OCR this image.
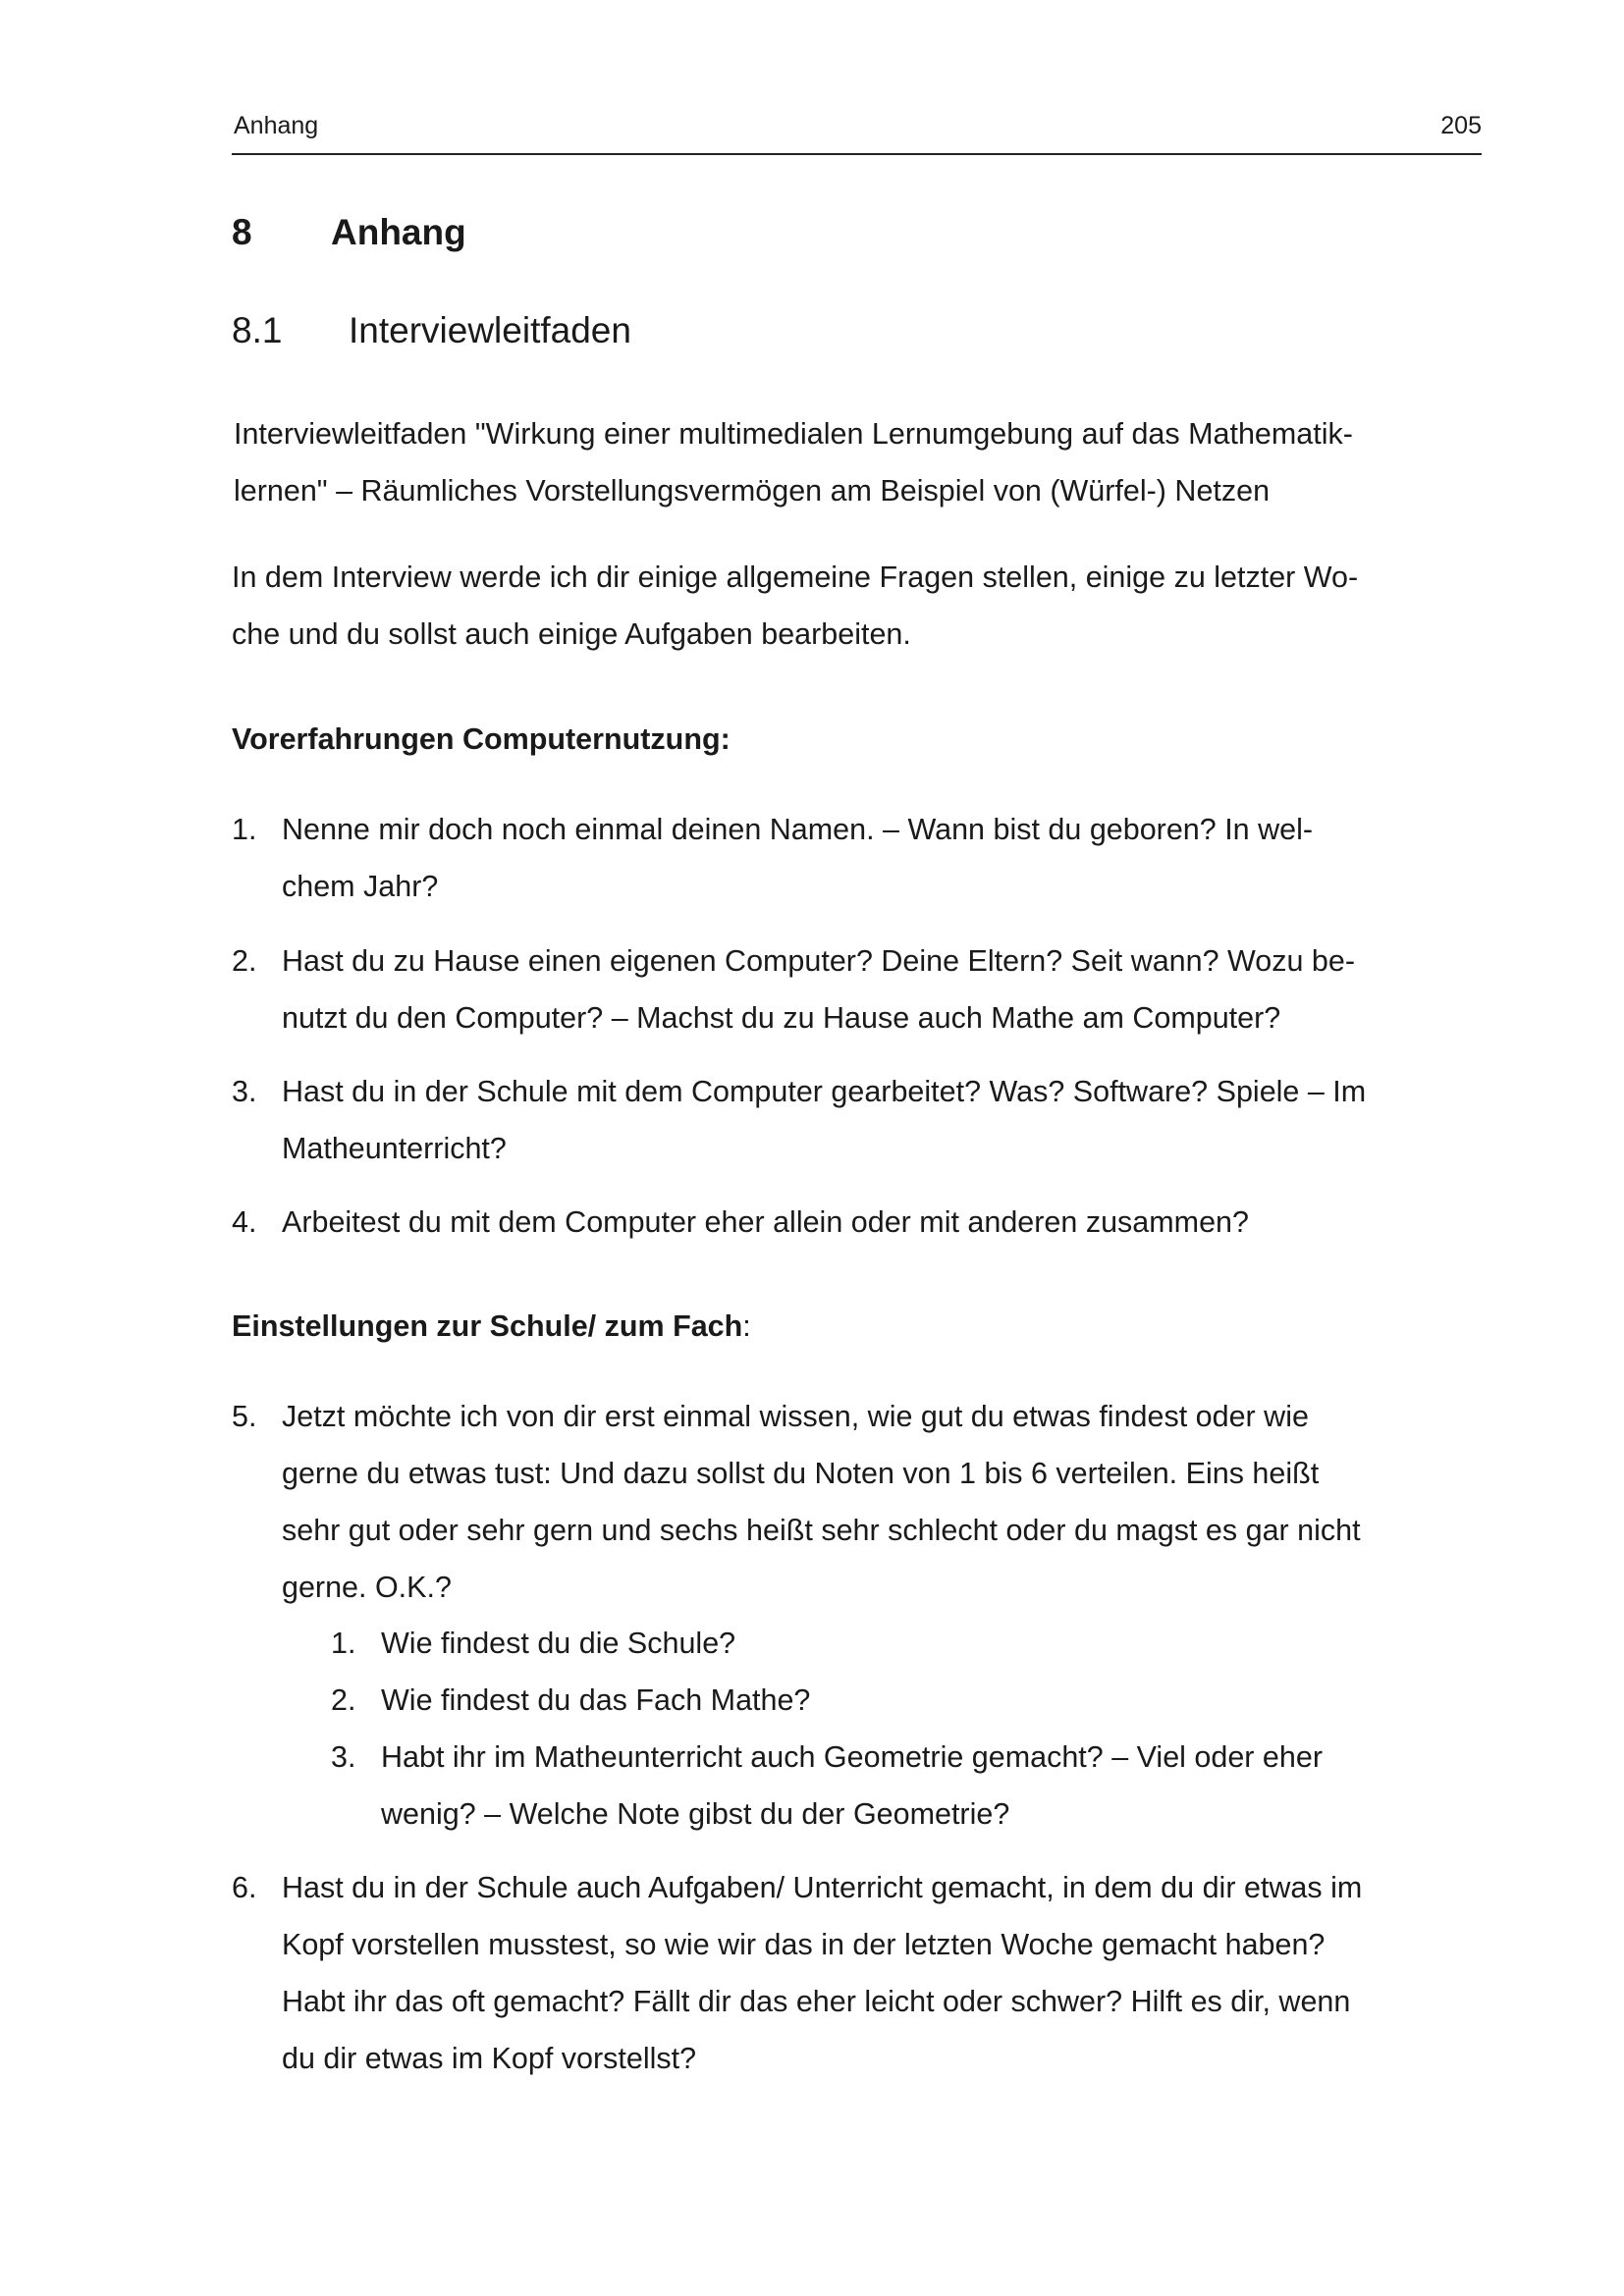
Anhang	205
8 Anhang
8.1 Interviewleitfaden
Interviewleitfaden "Wirkung einer multimedialen Lernumgebung auf das Mathematik-
lernen" – Räumliches Vorstellungsvermögen am Beispiel von (Würfel-) Netzen
In dem Interview werde ich dir einige allgemeine Fragen stellen, einige zu letzter Wo-
che und du sollst auch einige Aufgaben bearbeiten.
Vorerfahrungen Computernutzung:
1. Nenne mir doch noch einmal deinen Namen. – Wann bist du geboren? In wel-
chem Jahr?
2. Hast du zu Hause einen eigenen Computer? Deine Eltern? Seit wann? Wozu be-
nutzt du den Computer? – Machst du zu Hause auch Mathe am Computer?
3. Hast du in der Schule mit dem Computer gearbeitet? Was? Software? Spiele – Im
Matheunterricht?
4. Arbeitest du mit dem Computer eher allein oder mit anderen zusammen?
Einstellungen zur Schule/ zum Fach:
5. Jetzt möchte ich von dir erst einmal wissen, wie gut du etwas findest oder wie
gerne du etwas tust: Und dazu sollst du Noten von 1 bis 6 verteilen. Eins heißt
sehr gut oder sehr gern und sechs heißt sehr schlecht oder du magst es gar nicht
gerne. O.K.?
1. Wie findest du die Schule?
2. Wie findest du das Fach Mathe?
3. Habt ihr im Matheunterricht auch Geometrie gemacht? – Viel oder eher
wenig? – Welche Note gibst du der Geometrie?
6. Hast du in der Schule auch Aufgaben/ Unterricht gemacht, in dem du dir etwas im
Kopf vorstellen musstest, so wie wir das in der letzten Woche gemacht haben?
Habt ihr das oft gemacht? Fällt dir das eher leicht oder schwer? Hilft es dir, wenn
du dir etwas im Kopf vorstellst?
